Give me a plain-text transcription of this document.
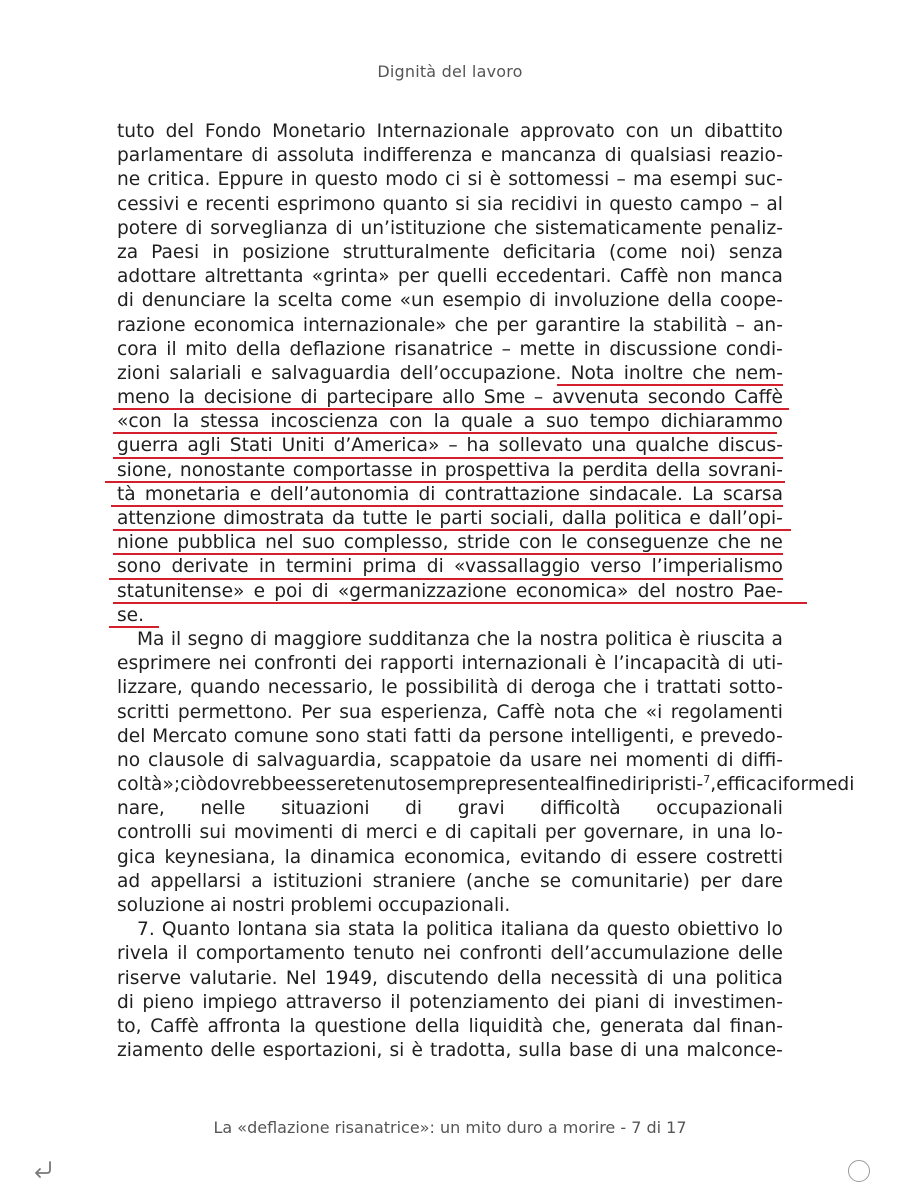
Dignità del lavoro
tuto del Fondo Monetario Internazionale approvato con un dibattito
parlamentare di assoluta indifferenza e mancanza di qualsiasi reazio-
ne critica. Eppure in questo modo ci si è sottomessi – ma esempi suc-
cessivi e recenti esprimono quanto si sia recidivi in questo campo – al
potere di sorveglianza di un’istituzione che sistematicamente penaliz-
za Paesi in posizione strutturalmente deficitaria (come noi) senza
adottare altrettanta «grinta» per quelli eccedentari. Caffè non manca
di denunciare la scelta come «un esempio di involuzione della coope-
razione economica internazionale» che per garantire la stabilità – an-
cora il mito della deflazione risanatrice – mette in discussione condi-
zioni salariali e salvaguardia dell’occupazione. Nota inoltre che nem-
meno la decisione di partecipare allo Sme – avvenuta secondo Caffè
«con la stessa incoscienza con la quale a suo tempo dichiarammo
guerra agli Stati Uniti d’America» – ha sollevato una qualche discus-
sione, nonostante comportasse in prospettiva la perdita della sovrani-
tà monetaria e dell’autonomia di contrattazione sindacale. La scarsa
attenzione dimostrata da tutte le parti sociali, dalla politica e dall’opi-
nione pubblica nel suo complesso, stride con le conseguenze che ne
sono derivate in termini prima di «vassallaggio verso l’imperialismo
statunitense» e poi di «germanizzazione economica» del nostro Pae-
se.
Ma il segno di maggiore sudditanza che la nostra politica è riuscita a
esprimere nei confronti dei rapporti internazionali è l’incapacità di uti-
lizzare, quando necessario, le possibilità di deroga che i trattati sotto-
scritti permettono. Per sua esperienza, Caffè nota che «i regolamenti
del Mercato comune sono stati fatti da persone intelligenti, e prevedo-
no clausole di salvaguardia, scappatoie da usare nei momenti di diffi-
coltà»; ciò dovrebbe essere tenuto sempre presente al fine di ripristi-$^7$, efficaci forme di
nare, nelle situazioni di gravi difficoltà occupazionali
controlli sui movimenti di merci e di capitali per governare, in una lo-
gica keynesiana, la dinamica economica, evitando di essere costretti
ad appellarsi a istituzioni straniere (anche se comunitarie) per dare
soluzione ai nostri problemi occupazionali.
7. Quanto lontana sia stata la politica italiana da questo obiettivo lo
rivela il comportamento tenuto nei confronti dell’accumulazione delle
riserve valutarie. Nel 1949, discutendo della necessità di una politica
di pieno impiego attraverso il potenziamento dei piani di investimen-
to, Caffè affronta la questione della liquidità che, generata dal finan-
ziamento delle esportazioni, si è tradotta, sulla base di una malconce-
La «deflazione risanatrice»: un mito duro a morire - 7 di 17
